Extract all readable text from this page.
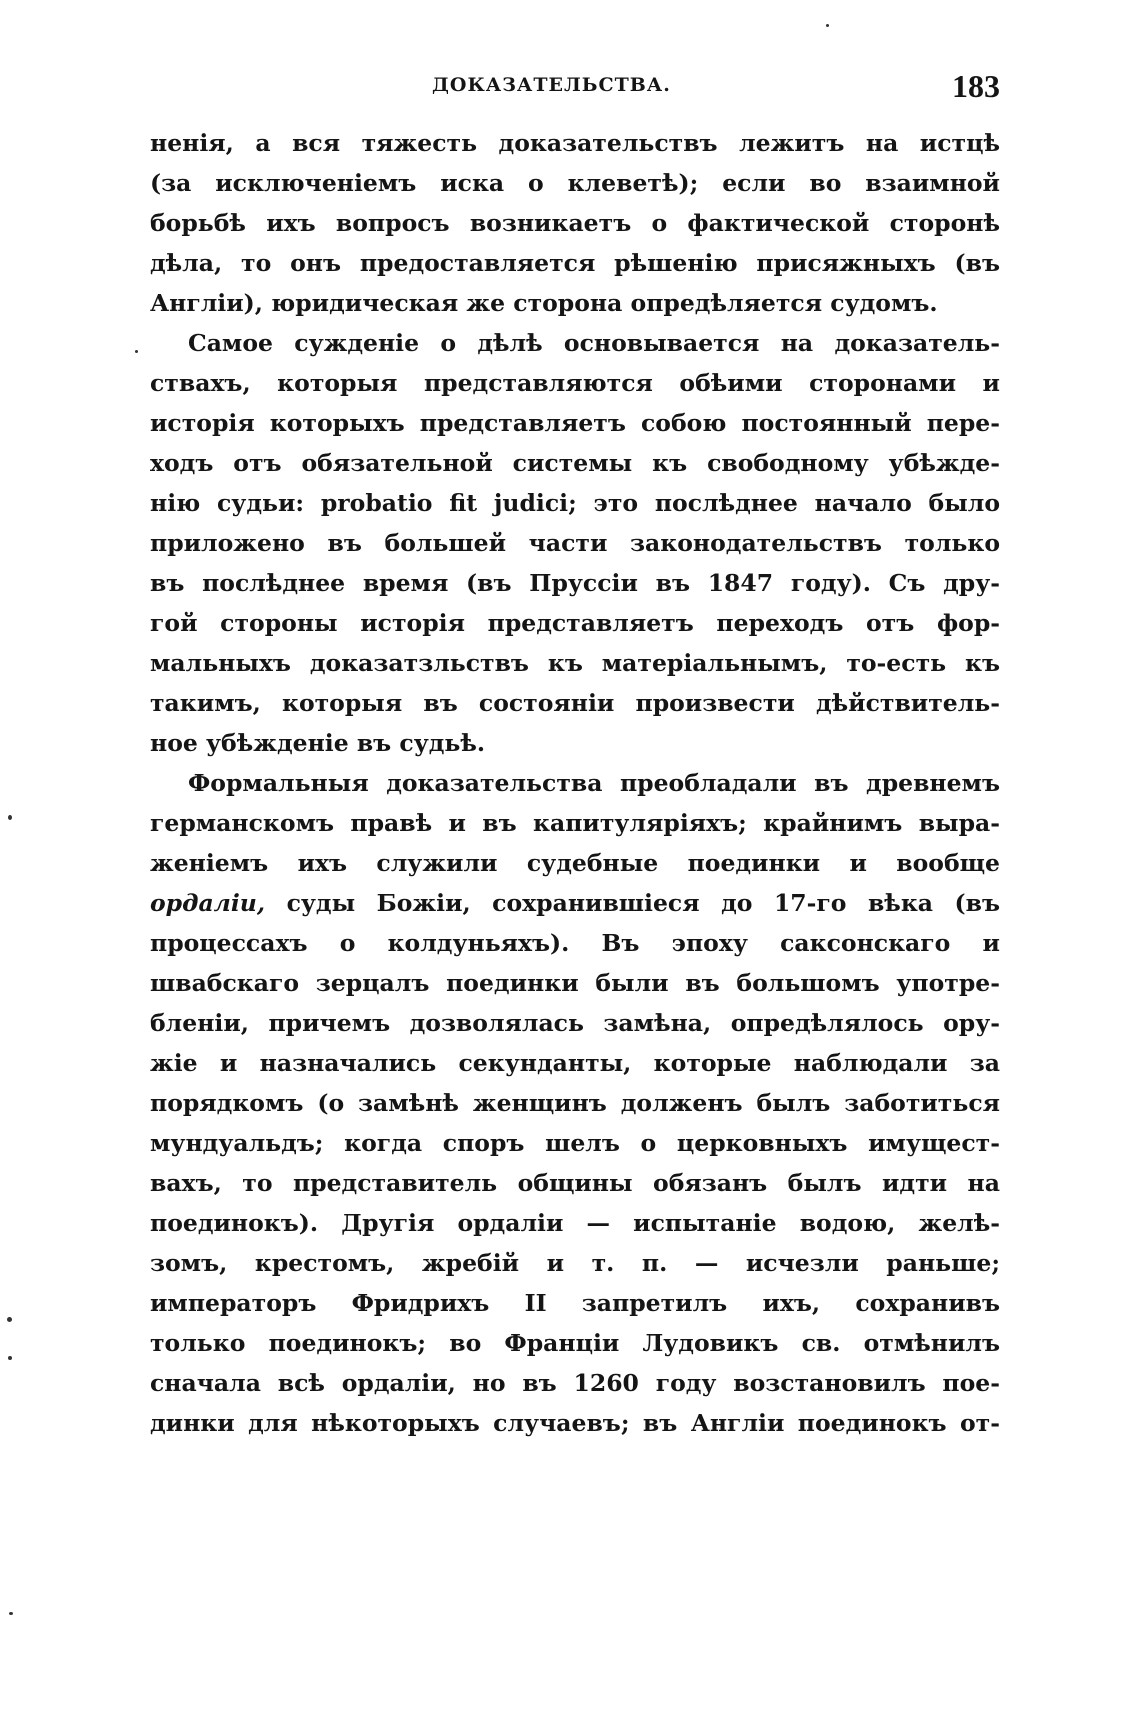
ДОКАЗАТЕЛЬСТВА.	183
ненія, а вся тяжесть доказательствъ лежитъ на истцѣ
(за исключеніемъ иска о клеветѣ); если во взаимной
борьбѣ ихъ вопросъ возникаетъ о фактической сторонѣ
дѣла, то онъ предоставляется рѣшенію присяжныхъ (въ
Англіи), юридическая же сторона опредѣляется судомъ.
Самое сужденіе о дѣлѣ основывается на доказатель-
ствахъ, которыя представляются обѣими сторонами и
исторія которыхъ представляетъ собою постоянный пере-
ходъ отъ обязательной системы къ свободному убѣжде-
нію судьи: probatio fit judici; это послѣднее начало было
приложено въ большей части законодательствъ только
въ послѣднее время (въ Пруссіи въ 1847 году). Съ дру-
гой стороны исторія представляетъ переходъ отъ фор-
мальныхъ доказатзльствъ къ матеріальнымъ, то-есть къ
такимъ, которыя въ состояніи произвести дѣйствитель-
ное убѣжденіе въ судьѣ.
Формальныя доказательства преобладали въ древнемъ
германскомъ правѣ и въ капитуляріяхъ; крайнимъ выра-
женіемъ ихъ служили судебные поединки и вообще
ордаліи, суды Божіи, сохранившіеся до 17-го вѣка (въ
процессахъ о колдуньяхъ). Въ эпоху саксонскаго и
швабскаго зерцалъ поединки были въ большомъ употре-
бленіи, причемъ дозволялась замѣна, опредѣлялось ору-
жіе и назначались секунданты, которые наблюдали за
порядкомъ (о замѣнѣ женщинъ долженъ былъ заботиться
мундуальдъ; когда споръ шелъ о церковныхъ имущест-
вахъ, то представитель общины обязанъ былъ идти на
поединокъ). Другія ордаліи — испытаніе водою, желѣ-
зомъ, крестомъ, жребій и т. п. — исчезли раньше;
императоръ Фридрихъ II запретилъ ихъ, сохранивъ
только поединокъ; во Франціи Лудовикъ св. отмѣнилъ
сначала всѣ ордаліи, но въ 1260 году возстановилъ пое-
динки для нѣкоторыхъ случаевъ; въ Англіи поединокъ от-
